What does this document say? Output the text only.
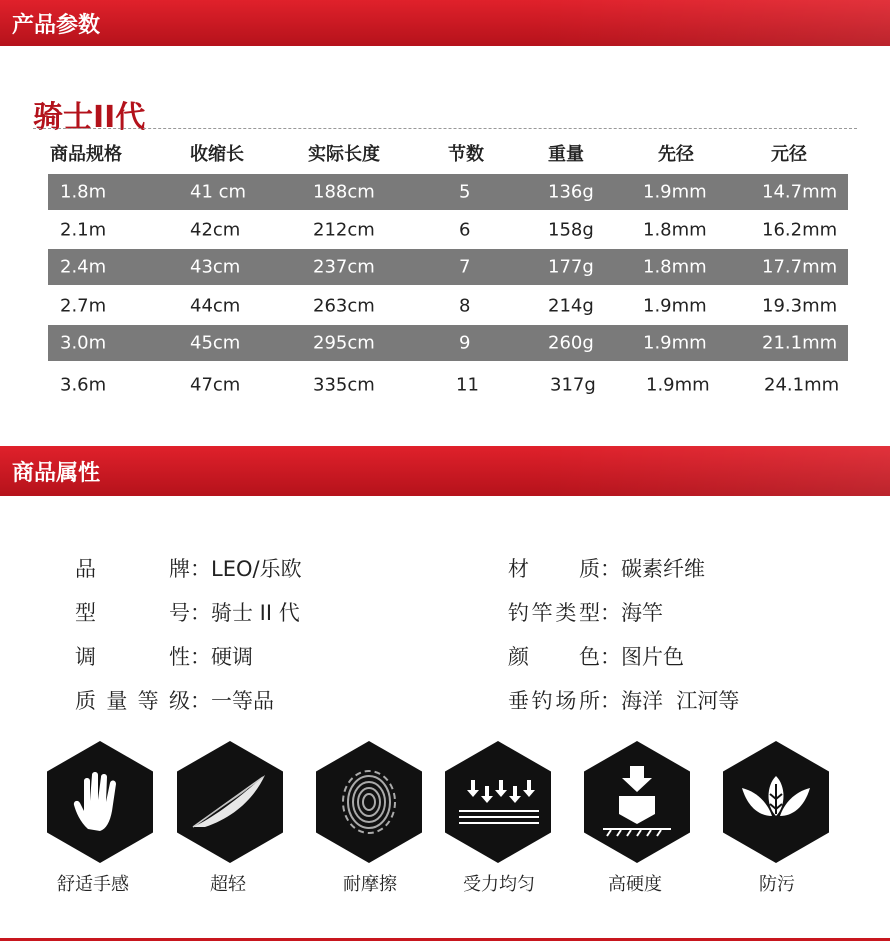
产品参数
骑士II代
商品规格	收缩长	实际长度	节数	重量	先径	元径
1.8m	41 cm	188cm	5	136g	1.9mm	14.7mm
2.1m	42cm	212cm	6	158g	1.8mm	16.2mm
2.4m	43cm	237cm	7	177g	1.8mm	17.7mm
2.7m	44cm	263cm	8	214g	1.9mm	19.3mm
3.0m	45cm	295cm	9	260g	1.9mm	21.1mm
3.6m	47cm	335cm	11	317g	1.9mm	24.1mm
商品属性
品牌：LEO/乐欧
型号：骑士 II 代
调性：硬调
质量等级：一等品
材质：碳素纤维
钓竿类型：海竿
颜色：图片色
垂钓场所：海洋  江河等
舒适手感	超轻	耐摩擦	受力均匀	高硬度	防污
